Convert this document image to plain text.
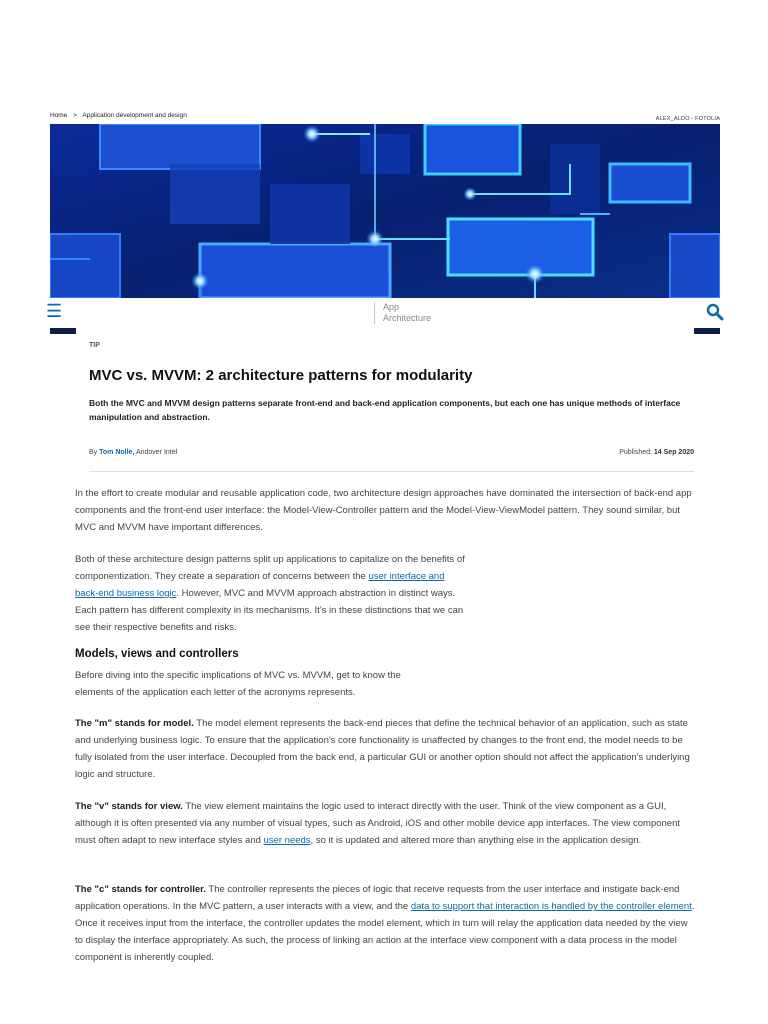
Home > Application development and design	ALEX_ALDO - FOTOLIA
☰	App
Architecture
TIP
MVC vs. MVVM: 2 architecture patterns for modularity
Both the MVC and MVVM design patterns separate front-end and back-end application components, but each one has unique methods of interface manipulation and abstraction.
By Tom Nolle, Andover Intel	Published: 14 Sep 2020
In the effort to create modular and reusable application code, two architecture design approaches have dominated the intersection of back-end app components and the front-end user interface: the Model-View-Controller pattern and the Model-View-ViewModel pattern. They sound similar, but MVC and MVVM have important differences.
Both of these architecture design patterns split up applications to capitalize on the benefits of componentization. They create a separation of concerns between the user interface and back-end business logic. However, MVC and MVVM approach abstraction in distinct ways. Each pattern has different complexity in its mechanisms. It's in these distinctions that we can see their respective benefits and risks.
Models, views and controllers
Before diving into the specific implications of MVC vs. MVVM, get to know the elements of the application each letter of the acronyms represents.
The "m" stands for model. The model element represents the back-end pieces that define the technical behavior of an application, such as state and underlying business logic. To ensure that the application's core functionality is unaffected by changes to the front end, the model needs to be fully isolated from the user interface. Decoupled from the back end, a particular GUI or another option should not affect the application's underlying logic and structure.
The "v" stands for view. The view element maintains the logic used to interact directly with the user. Think of the view component as a GUI, although it is often presented via any number of visual types, such as Android, iOS and other mobile device app interfaces. The view component must often adapt to new interface styles and user needs, so it is updated and altered more than anything else in the application design.
The "c" stands for controller. The controller represents the pieces of logic that receive requests from the user interface and instigate back-end application operations. In the MVC pattern, a user interacts with a view, and the data to support that interaction is handled by the controller element. Once it receives input from the interface, the controller updates the model element, which in turn will relay the application data needed by the view to display the interface appropriately. As such, the process of linking an action at the interface view component with a data process in the model component is inherently coupled.
